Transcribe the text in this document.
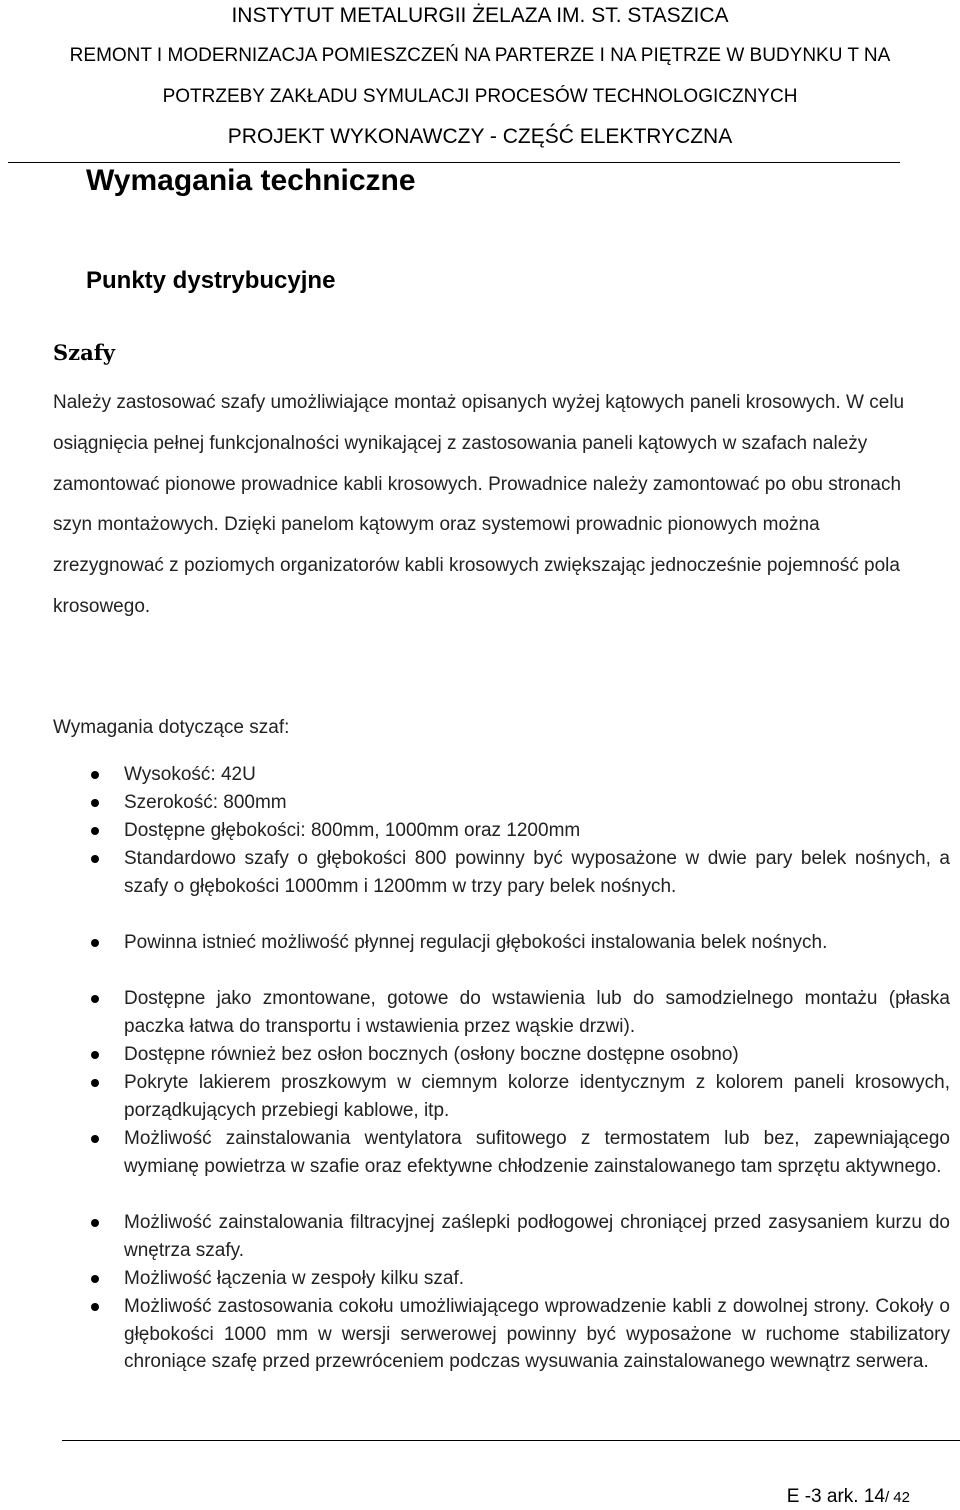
INSTYTUT METALURGII ŻELAZA IM. ST. STASZICA
REMONT I MODERNIZACJA POMIESZCZEŃ NA PARTERZE I NA PIĘTRZE W BUDYNKU T NA
POTRZEBY ZAKŁADU SYMULACJI PROCESÓW TECHNOLOGICZNYCH
PROJEKT WYKONAWCZY - CZĘŚĆ ELEKTRYCZNA
Wymagania techniczne
Punkty dystrybucyjne
Szafy

Należy zastosować szafy umożliwiające montaż opisanych wyżej kątowych paneli krosowych. W celu osiągnięcia pełnej funkcjonalności wynikającej z zastosowania paneli kątowych w szafach należy zamontować pionowe prowadnice kabli krosowych. Prowadnice należy zamontować po obu stronach szyn montażowych. Dzięki panelom kątowym oraz systemowi prowadnic pionowych można zrezygnować z poziomych organizatorów kabli krosowych zwiększając jednocześnie pojemność pola krosowego.

Wymagania dotyczące szaf:
Wysokość: 42U
Szerokość: 800mm
Dostępne głębokości: 800mm, 1000mm oraz 1200mm
Standardowo szafy o głębokości 800 powinny być wyposażone w dwie pary belek nośnych, a szafy o głębokości 1000mm i 1200mm w trzy pary belek nośnych.
Powinna istnieć możliwość płynnej regulacji głębokości instalowania belek nośnych.
Dostępne jako zmontowane, gotowe do wstawienia lub do samodzielnego montażu (płaska paczka łatwa do transportu i wstawienia przez wąskie drzwi).
Dostępne również bez osłon bocznych (osłony boczne dostępne osobno)
Pokryte lakierem proszkowym w ciemnym kolorze identycznym z kolorem paneli krosowych, porządkujących przebiegi kablowe, itp.
Możliwość zainstalowania wentylatora sufitowego z termostatem lub bez, zapewniającego wymianę powietrza w szafie oraz efektywne chłodzenie zainstalowanego tam sprzętu aktywnego.
Możliwość zainstalowania filtracyjnej zaślepki podłogowej chroniącej przed zasysaniem kurzu do wnętrza szafy.
Możliwość łączenia w zespoły kilku szaf.
Możliwość zastosowania cokołu umożliwiającego wprowadzenie kabli z dowolnej strony. Cokoły o głębokości 1000 mm w wersji serwerowej powinny być wyposażone w ruchome stabilizatory chroniące szafę przed przewróceniem podczas wysuwania zainstalowanego wewnątrz serwera.
E -3 ark. 14/ 42
